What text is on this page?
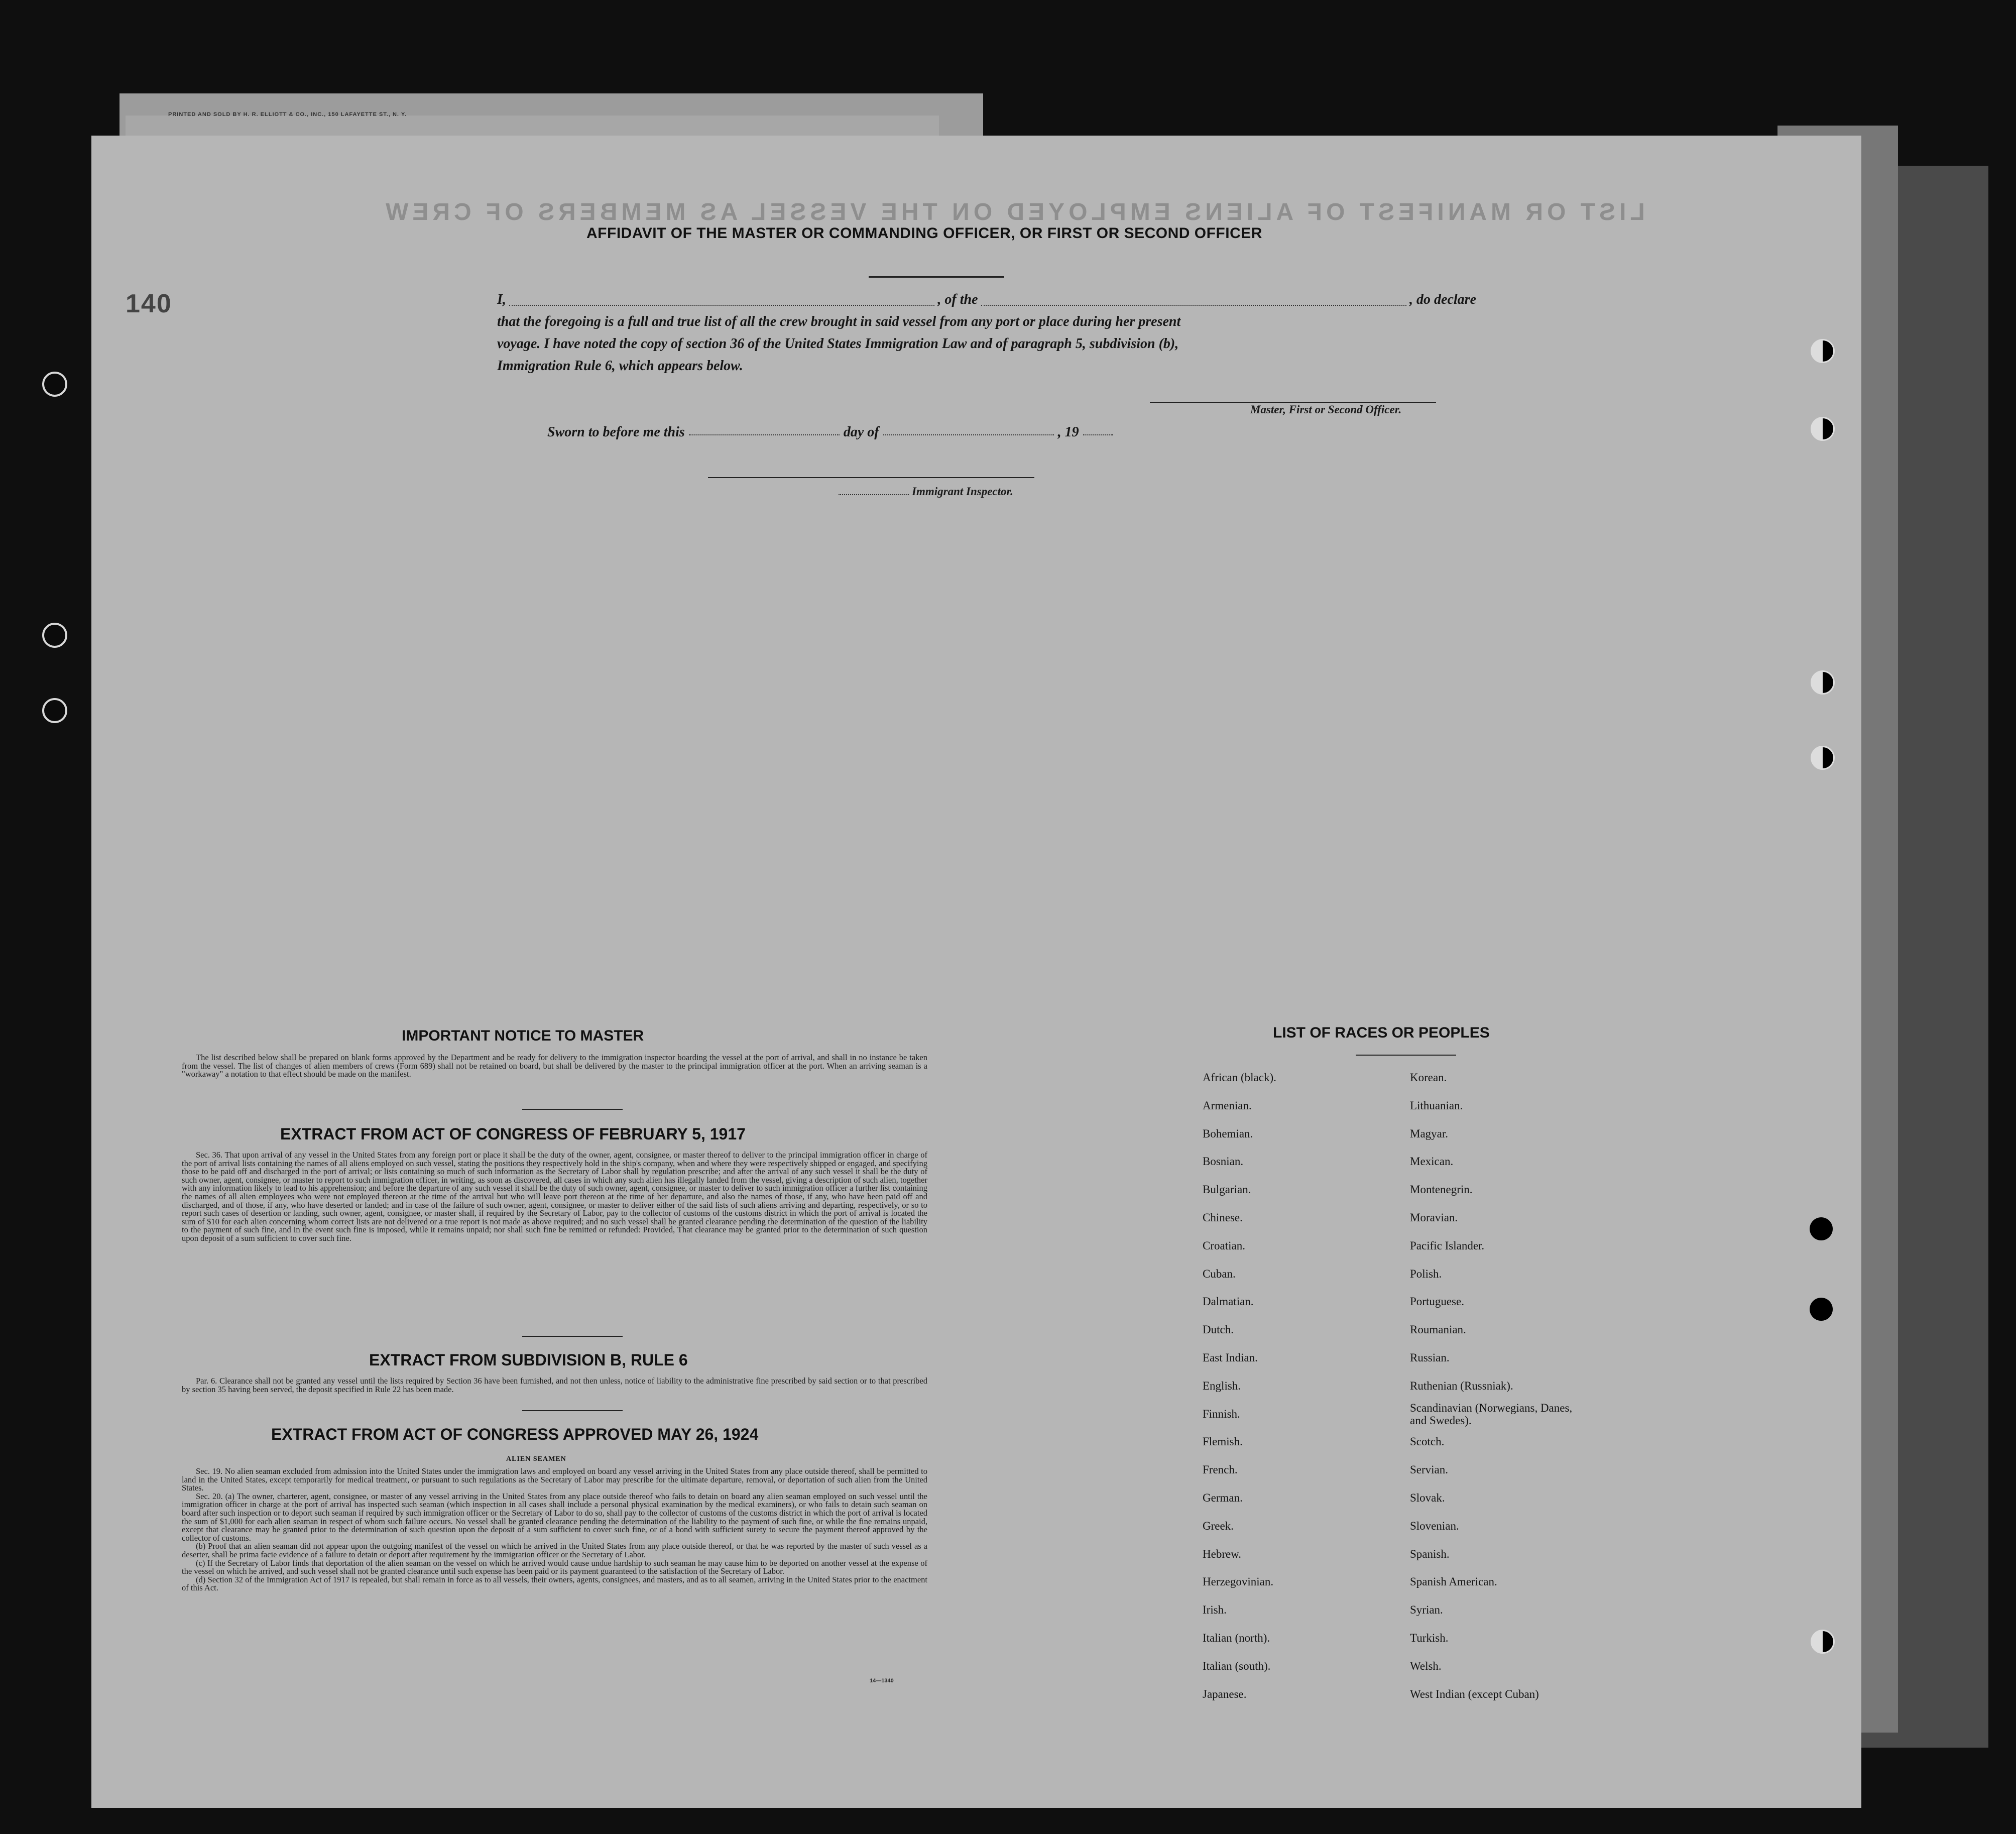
PRINTED AND SOLD BY H. R. ELLIOTT & CO., INC., 150 LAFAYETTE ST., N. Y.
LIST OR MANIFEST OF ALIENS EMPLOYED ON THE VESSEL AS MEMBERS OF CREW
140
AFFIDAVIT OF THE MASTER OR COMMANDING OFFICER, OR FIRST OR SECOND OFFICER
I,	, of the	, do declare
that the foregoing is a full and true list of all the crew brought in said vessel from any port or place during her present
voyage. I have noted the copy of section 36 of the United States Immigration Law and of paragraph 5, subdivision (b),
Immigration Rule 6, which appears below.
Master, First or Second Officer.
Sworn to before me this	day of	, 19
Immigrant Inspector.
IMPORTANT NOTICE TO MASTER

The list described below shall be prepared on blank forms approved by the Department and be ready for delivery to the immigration inspector boarding the vessel at the port of arrival, and shall in no instance be taken from the vessel. The list of changes of alien members of crews (Form 689) shall not be retained on board, but shall be delivered by the master to the principal immigration officer at the port. When an arriving seaman is a "workaway" a notation to that effect should be made on the manifest.

EXTRACT FROM ACT OF CONGRESS OF FEBRUARY 5, 1917

Sec. 36. That upon arrival of any vessel in the United States from any foreign port or place it shall be the duty of the owner, agent, consignee, or master thereof to deliver to the principal immigration officer in charge of the port of arrival lists containing the names of all aliens employed on such vessel, stating the positions they respectively hold in the ship's company, when and where they were respectively shipped or engaged, and specifying those to be paid off and discharged in the port of arrival; or lists containing so much of such information as the Secretary of Labor shall by regulation prescribe; and after the arrival of any such vessel it shall be the duty of such owner, agent, consignee, or master to report to such immigration officer, in writing, as soon as discovered, all cases in which any such alien has illegally landed from the vessel, giving a description of such alien, together with any information likely to lead to his apprehension; and before the departure of any such vessel it shall be the duty of such owner, agent, consignee, or master to deliver to such immigration officer a further list containing the names of all alien employees who were not employed thereon at the time of the arrival but who will leave port thereon at the time of her departure, and also the names of those, if any, who have been paid off and discharged, and of those, if any, who have deserted or landed; and in case of the failure of such owner, agent, consignee, or master to deliver either of the said lists of such aliens arriving and departing, respectively, or so to report such cases of desertion or landing, such owner, agent, consignee, or master shall, if required by the Secretary of Labor, pay to the collector of customs of the customs district in which the port of arrival is located the sum of $10 for each alien concerning whom correct lists are not delivered or a true report is not made as above required; and no such vessel shall be granted clearance pending the determination of the question of the liability to the payment of such fine, and in the event such fine is imposed, while it remains unpaid; nor shall such fine be remitted or refunded: Provided, That clearance may be granted prior to the determination of such question upon deposit of a sum sufficient to cover such fine.

EXTRACT FROM SUBDIVISION B, RULE 6

Par. 6. Clearance shall not be granted any vessel until the lists required by Section 36 have been furnished, and not then unless, notice of liability to the administrative fine prescribed by said section or to that prescribed by section 35 having been served, the deposit specified in Rule 22 has been made.

EXTRACT FROM ACT OF CONGRESS APPROVED MAY 26, 1924
ALIEN SEAMEN

Sec. 19. No alien seaman excluded from admission into the United States under the immigration laws and employed on board any vessel arriving in the United States from any place outside thereof, shall be permitted to land in the United States, except temporarily for medical treatment, or pursuant to such regulations as the Secretary of Labor may prescribe for the ultimate departure, removal, or deportation of such alien from the United States.

Sec. 20. (a) The owner, charterer, agent, consignee, or master of any vessel arriving in the United States from any place outside thereof who fails to detain on board any alien seaman employed on such vessel until the immigration officer in charge at the port of arrival has inspected such seaman (which inspection in all cases shall include a personal physical examination by the medical examiners), or who fails to detain such seaman on board after such inspection or to deport such seaman if required by such immigration officer or the Secretary of Labor to do so, shall pay to the collector of customs of the customs district in which the port of arrival is located the sum of $1,000 for each alien seaman in respect of whom such failure occurs. No vessel shall be granted clearance pending the determination of the liability to the payment of such fine, or while the fine remains unpaid, except that clearance may be granted prior to the determination of such question upon the deposit of a sum sufficient to cover such fine, or of a bond with sufficient surety to secure the payment thereof approved by the collector of customs.

(b) Proof that an alien seaman did not appear upon the outgoing manifest of the vessel on which he arrived in the United States from any place outside thereof, or that he was reported by the master of such vessel as a deserter, shall be prima facie evidence of a failure to detain or deport after requirement by the immigration officer or the Secretary of Labor.

(c) If the Secretary of Labor finds that deportation of the alien seaman on the vessel on which he arrived would cause undue hardship to such seaman he may cause him to be deported on another vessel at the expense of the vessel on which he arrived, and such vessel shall not be granted clearance until such expense has been paid or its payment guaranteed to the satisfaction of the Secretary of Labor.

(d) Section 32 of the Immigration Act of 1917 is repealed, but shall remain in force as to all vessels, their owners, agents, consignees, and masters, and as to all seamen, arriving in the United States prior to the enactment of this Act.

14—1340
LIST OF RACES OR PEOPLES
African (black).
Armenian.
Bohemian.
Bosnian.
Bulgarian.
Chinese.
Croatian.
Cuban.
Dalmatian.
Dutch.
East Indian.
English.
Finnish.
Flemish.
French.
German.
Greek.
Hebrew.
Herzegovinian.
Irish.
Italian (north).
Italian (south).
Japanese.
Korean.
Lithuanian.
Magyar.
Mexican.
Montenegrin.
Moravian.
Pacific Islander.
Polish.
Portuguese.
Roumanian.
Russian.
Ruthenian (Russniak).
Scandinavian (Norwegians, Danes, and Swedes).
Scotch.
Servian.
Slovak.
Slovenian.
Spanish.
Spanish American.
Syrian.
Turkish.
Welsh.
West Indian (except Cuban)
